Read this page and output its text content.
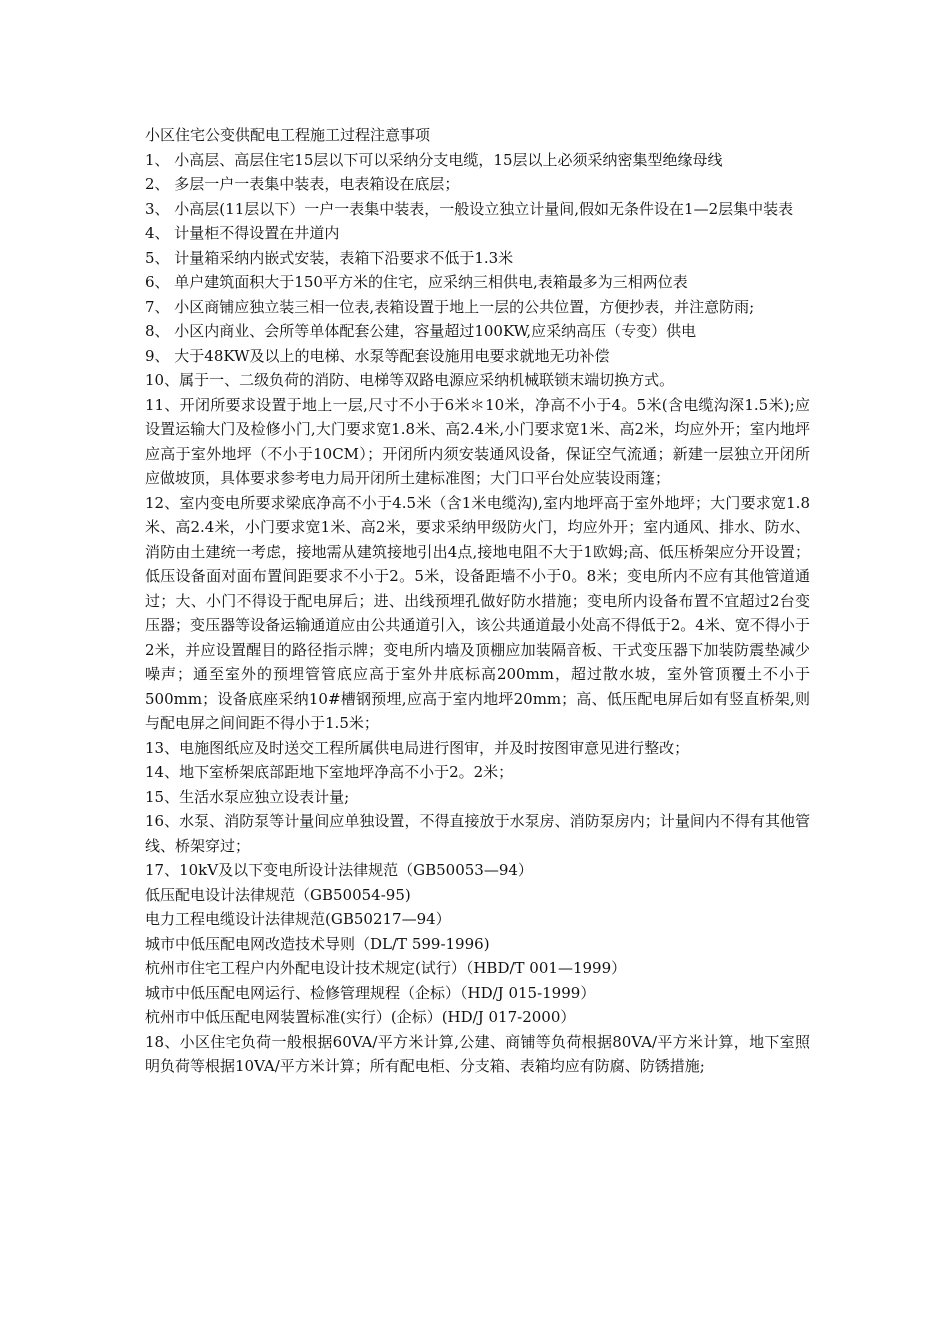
小区住宅公变供配电工程施工过程注意事项

1、 小高层、高层住宅15层以下可以采纳分支电缆，15层以上必须采纳密集型绝缘母线

2、 多层一户一表集中装表，电表箱设在底层；

3、 小高层(11层以下）一户一表集中装表，一般设立独立计量间,假如无条件设在1—2层集中装表

4、 计量柜不得设置在井道内

5、 计量箱采纳内嵌式安装，表箱下沿要求不低于1.3米

6、 单户建筑面积大于150平方米的住宅，应采纳三相供电,表箱最多为三相两位表

7、 小区商铺应独立装三相一位表,表箱设置于地上一层的公共位置，方便抄表，并注意防雨;

8、 小区内商业、会所等单体配套公建，容量超过100KW,应采纳高压（专变）供电

9、 大于48KW及以上的电梯、水泵等配套设施用电要求就地无功补偿

10、属于一、二级负荷的消防、电梯等双路电源应采纳机械联锁末端切换方式。

11、开闭所要求设置于地上一层,尺寸不小于6米＊10米，净高不小于4。5米(含电缆沟深1.5米);应设置运输大门及检修小门,大门要求宽1.8米、高2.4米,小门要求宽1米、高2米，均应外开；室内地坪应高于室外地坪（不小于10CM）；开闭所内须安装通风设备，保证空气流通；新建一层独立开闭所应做坡顶，具体要求参考电力局开闭所土建标准图；大门口平台处应装设雨篷；

12、室内变电所要求梁底净高不小于4.5米（含1米电缆沟),室内地坪高于室外地坪；大门要求宽1.8米、高2.4米，小门要求宽1米、高2米，要求采纳甲级防火门，均应外开；室内通风、排水、防水、消防由土建统一考虑，接地需从建筑接地引出4点,接地电阻不大于1欧姆;高、低压桥架应分开设置；低压设备面对面布置间距要求不小于2。5米，设备距墙不小于0。8米；变电所内不应有其他管道通过；大、小门不得设于配电屏后；进、出线预埋孔做好防水措施；变电所内设备布置不宜超过2台变压器；变压器等设备运输通道应由公共通道引入，该公共通道最小处高不得低于2。4米、宽不得小于2米，并应设置醒目的路径指示牌；变电所内墙及顶棚应加装隔音板、干式变压器下加装防震垫减少噪声；通至室外的预埋管管底应高于室外井底标高200mm，超过散水坡，室外管顶覆土不小于500mm；设备底座采纳10#槽钢预埋,应高于室内地坪20mm；高、低压配电屏后如有竖直桥架,则与配电屏之间间距不得小于1.5米；

13、电施图纸应及时送交工程所属供电局进行图审，并及时按图审意见进行整改；

14、地下室桥架底部距地下室地坪净高不小于2。2米；

15、生活水泵应独立设表计量;

16、水泵、消防泵等计量间应单独设置，不得直接放于水泵房、消防泵房内；计量间内不得有其他管线、桥架穿过；

17、10kV及以下变电所设计法律规范（GB50053—94）

低压配电设计法律规范（GB50054-95)

电力工程电缆设计法律规范(GB50217—94）

城市中低压配电网改造技术导则（DL/T 599-1996)

杭州市住宅工程户内外配电设计技术规定(试行）（HBD/T 001—1999）

城市中低压配电网运行、检修管理规程（企标）（HD/J 015-1999）

杭州市中低压配电网装置标准(实行）(企标）(HD/J 017-2000）

18、小区住宅负荷一般根据60VA/平方米计算,公建、商铺等负荷根据80VA/平方米计算，地下室照明负荷等根据10VA/平方米计算；所有配电柜、分支箱、表箱均应有防腐、防锈措施;
